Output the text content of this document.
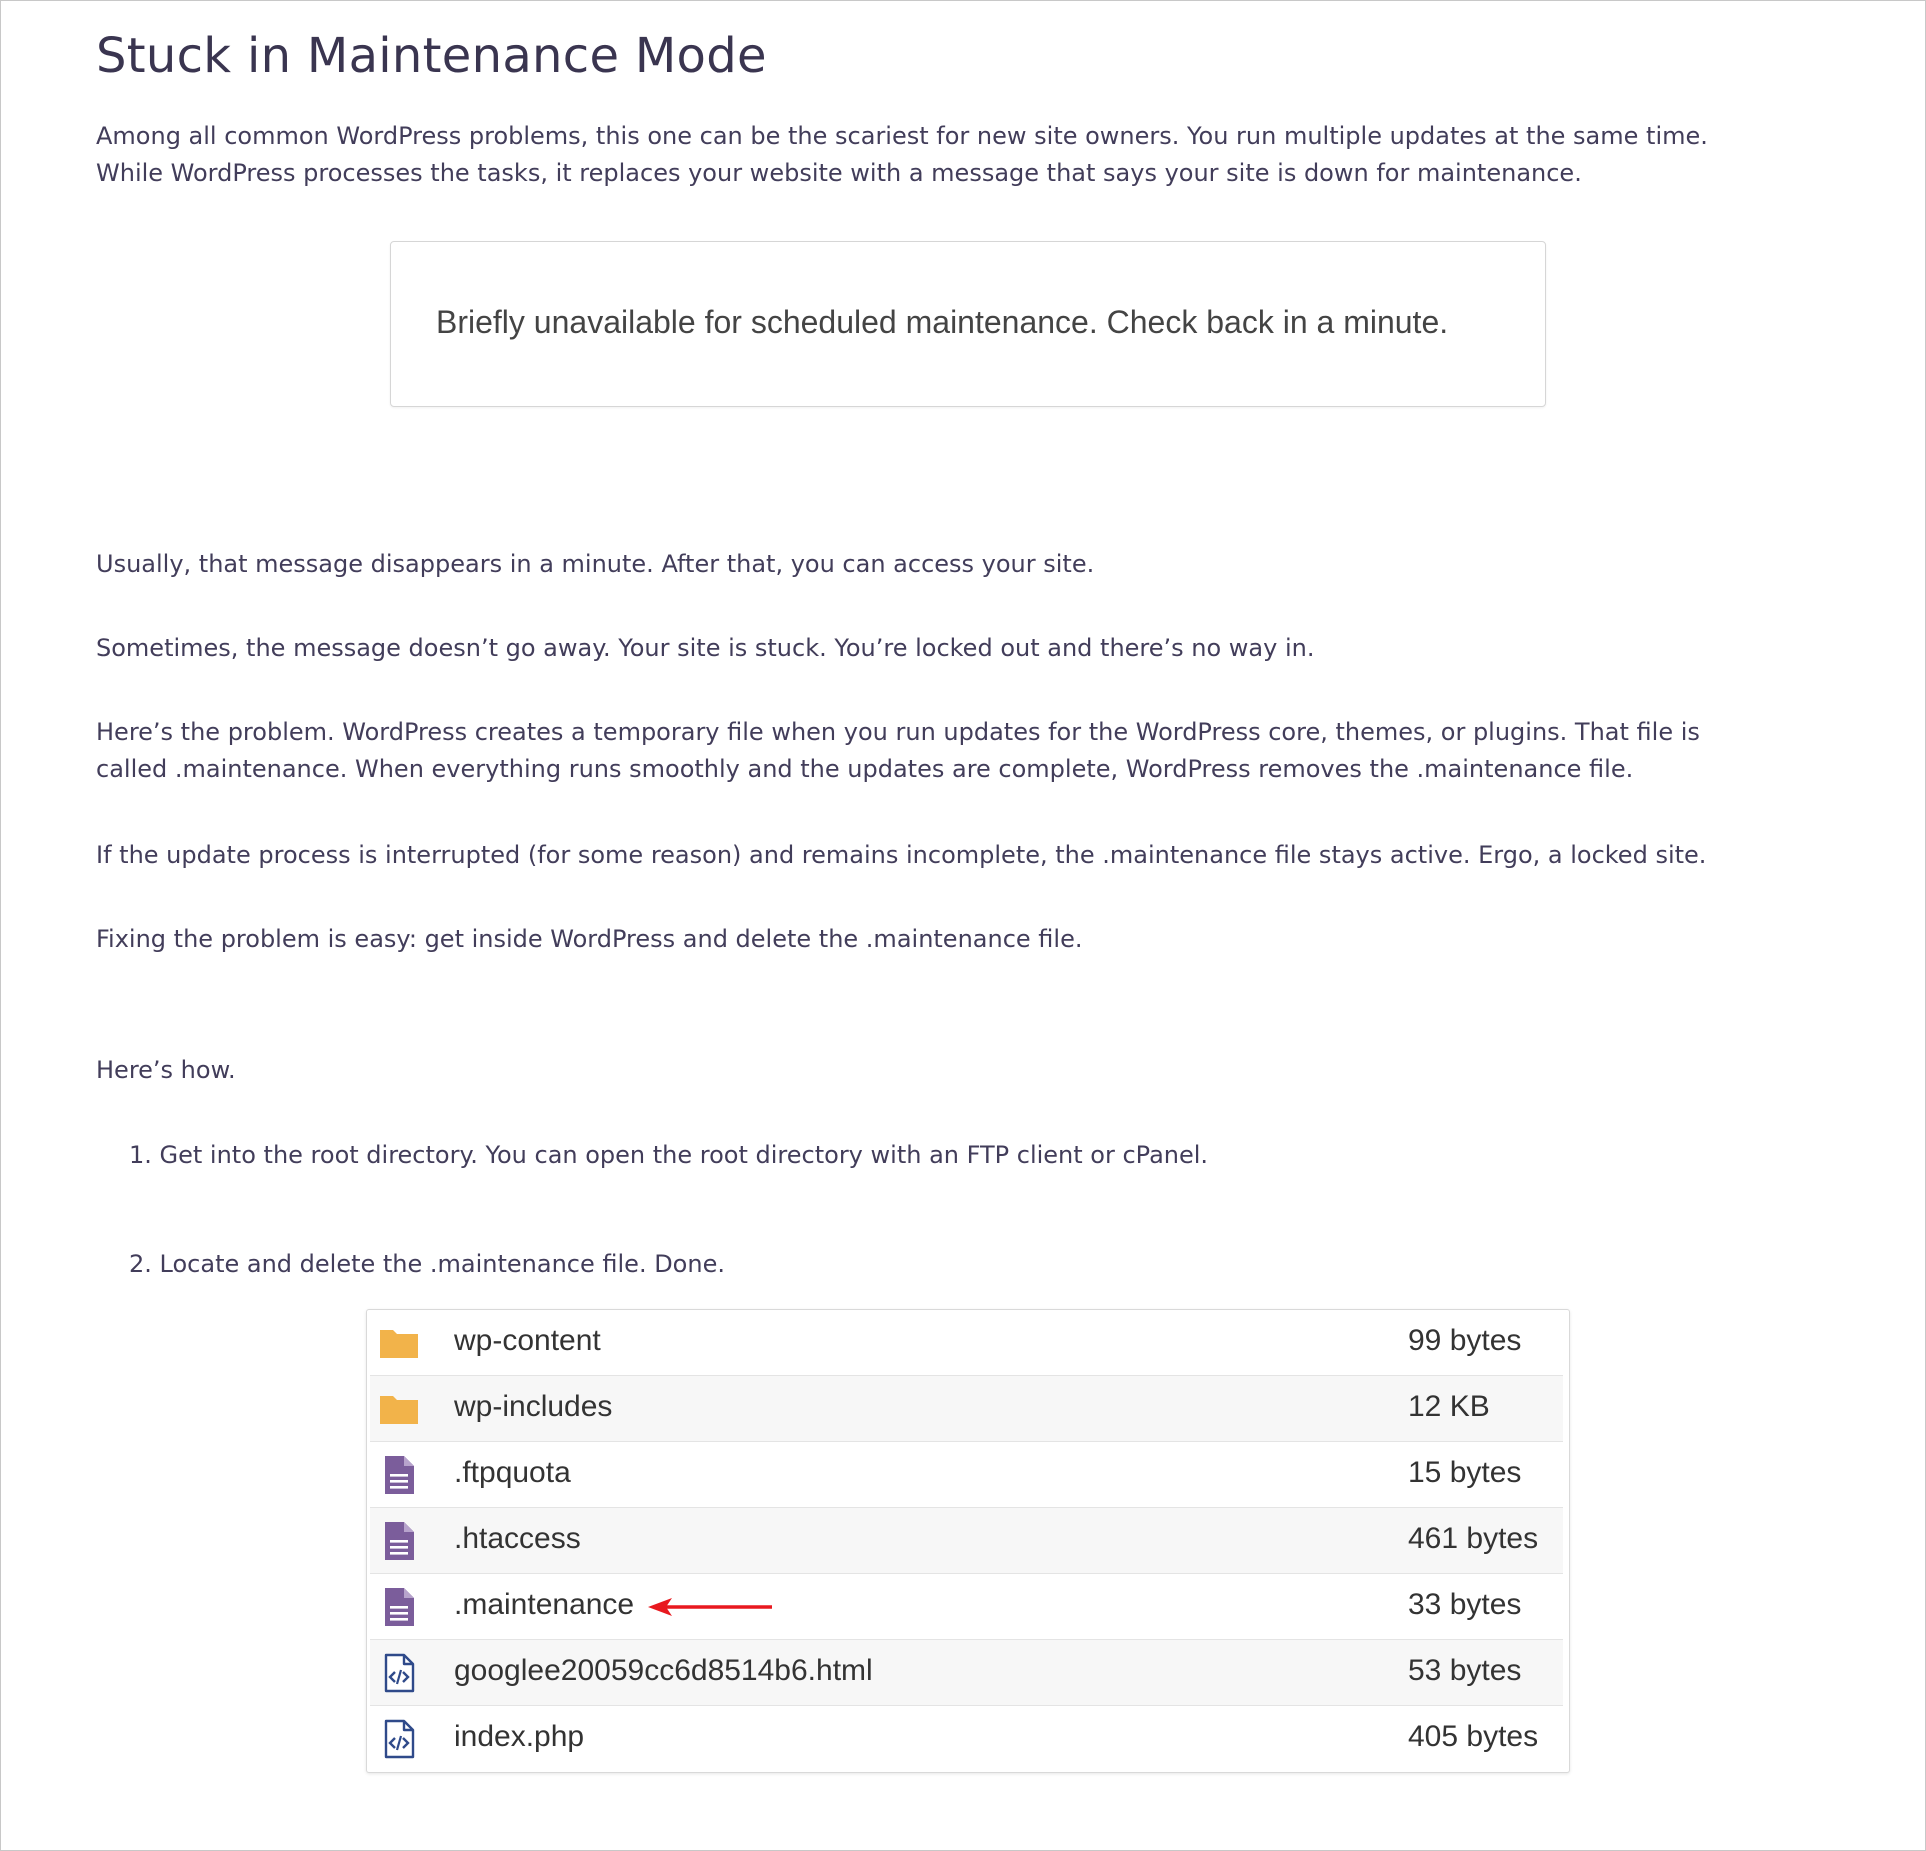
Stuck in Maintenance Mode

Among all common WordPress problems, this one can be the scariest for new site owners. You run multiple updates at the same time.
While WordPress processes the tasks, it replaces your website with a message that says your site is down for maintenance.

Briefly unavailable for scheduled maintenance. Check back in a minute.

Usually, that message disappears in a minute. After that, you can access your site.

Sometimes, the message doesn’t go away. Your site is stuck. You’re locked out and there’s no way in.

Here’s the problem. WordPress creates a temporary file when you run updates for the WordPress core, themes, or plugins. That file is
called .maintenance. When everything runs smoothly and the updates are complete, WordPress removes the .maintenance file.

If the update process is interrupted (for some reason) and remains incomplete, the .maintenance file stays active. Ergo, a locked site.

Fixing the problem is easy: get inside WordPress and delete the .maintenance file.

Here’s how.

1. Get into the root directory. You can open the root directory with an FTP client or cPanel.
2. Locate and delete the .maintenance file. Done.
wp-content	99 bytes
wp-includes	12 KB
.ftpquota	15 bytes
.htaccess	461 bytes
.maintenance	33 bytes
googlee20059cc6d8514b6.html	53 bytes
index.php	405 bytes
